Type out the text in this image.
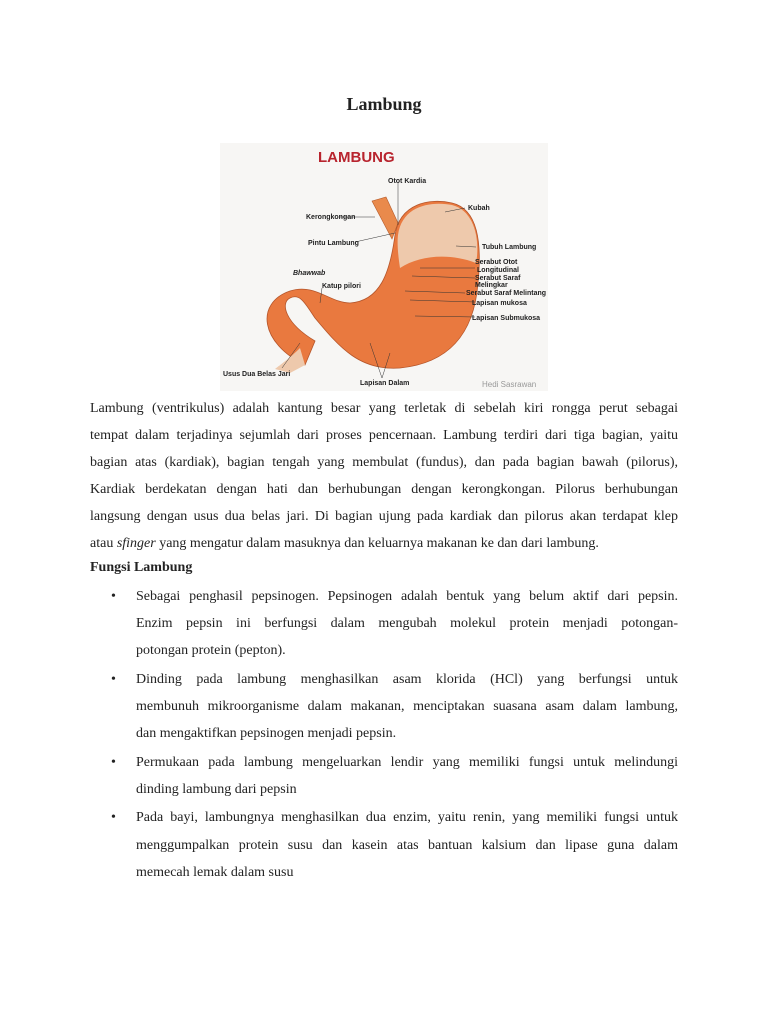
Lambung
LAMBUNG
Otot Kardia
Kerongkongan
Kubah
Pintu Lambung
Tubuh Lambung
Serabut Otot
Longitudinal
Serabut Saraf
Melingkar
Serabut Saraf Melintang
Bhawwab
Katup pilori
Lapisan mukosa
Lapisan Submukosa
Usus Dua Belas Jari
Lapisan Dalam	Hedi Sasrawan
Lambung (ventrikulus) adalah kantung besar yang terletak di sebelah kiri rongga perut sebagai
tempat dalam terjadinya sejumlah dari proses pencernaan. Lambung terdiri dari tiga bagian, yaitu
bagian atas (kardiak), bagian tengah yang membulat (fundus), dan pada bagian bawah (pilorus),
Kardiak berdekatan dengan hati dan berhubungan dengan kerongkongan. Pilorus berhubungan
langsung dengan usus dua belas jari. Di bagian ujung pada kardiak dan pilorus akan terdapat klep
atau sfinger yang mengatur dalam masuknya dan keluarnya makanan ke dan dari lambung.
Fungsi Lambung
• Sebagai penghasil pepsinogen. Pepsinogen adalah bentuk yang belum aktif dari pepsin.
Enzim pepsin ini berfungsi dalam mengubah molekul protein menjadi potongan-
potongan protein (pepton).
• Dinding pada lambung menghasilkan asam klorida (HCl) yang berfungsi untuk
membunuh mikroorganisme dalam makanan, menciptakan suasana asam dalam lambung,
dan mengaktifkan pepsinogen menjadi pepsin.
• Permukaan pada lambung mengeluarkan lendir yang memiliki fungsi untuk melindungi
dinding lambung dari pepsin
• Pada bayi, lambungnya menghasilkan dua enzim, yaitu renin, yang memiliki fungsi untuk
menggumpalkan protein susu dan kasein atas bantuan kalsium dan lipase guna dalam
memecah lemak dalam susu
